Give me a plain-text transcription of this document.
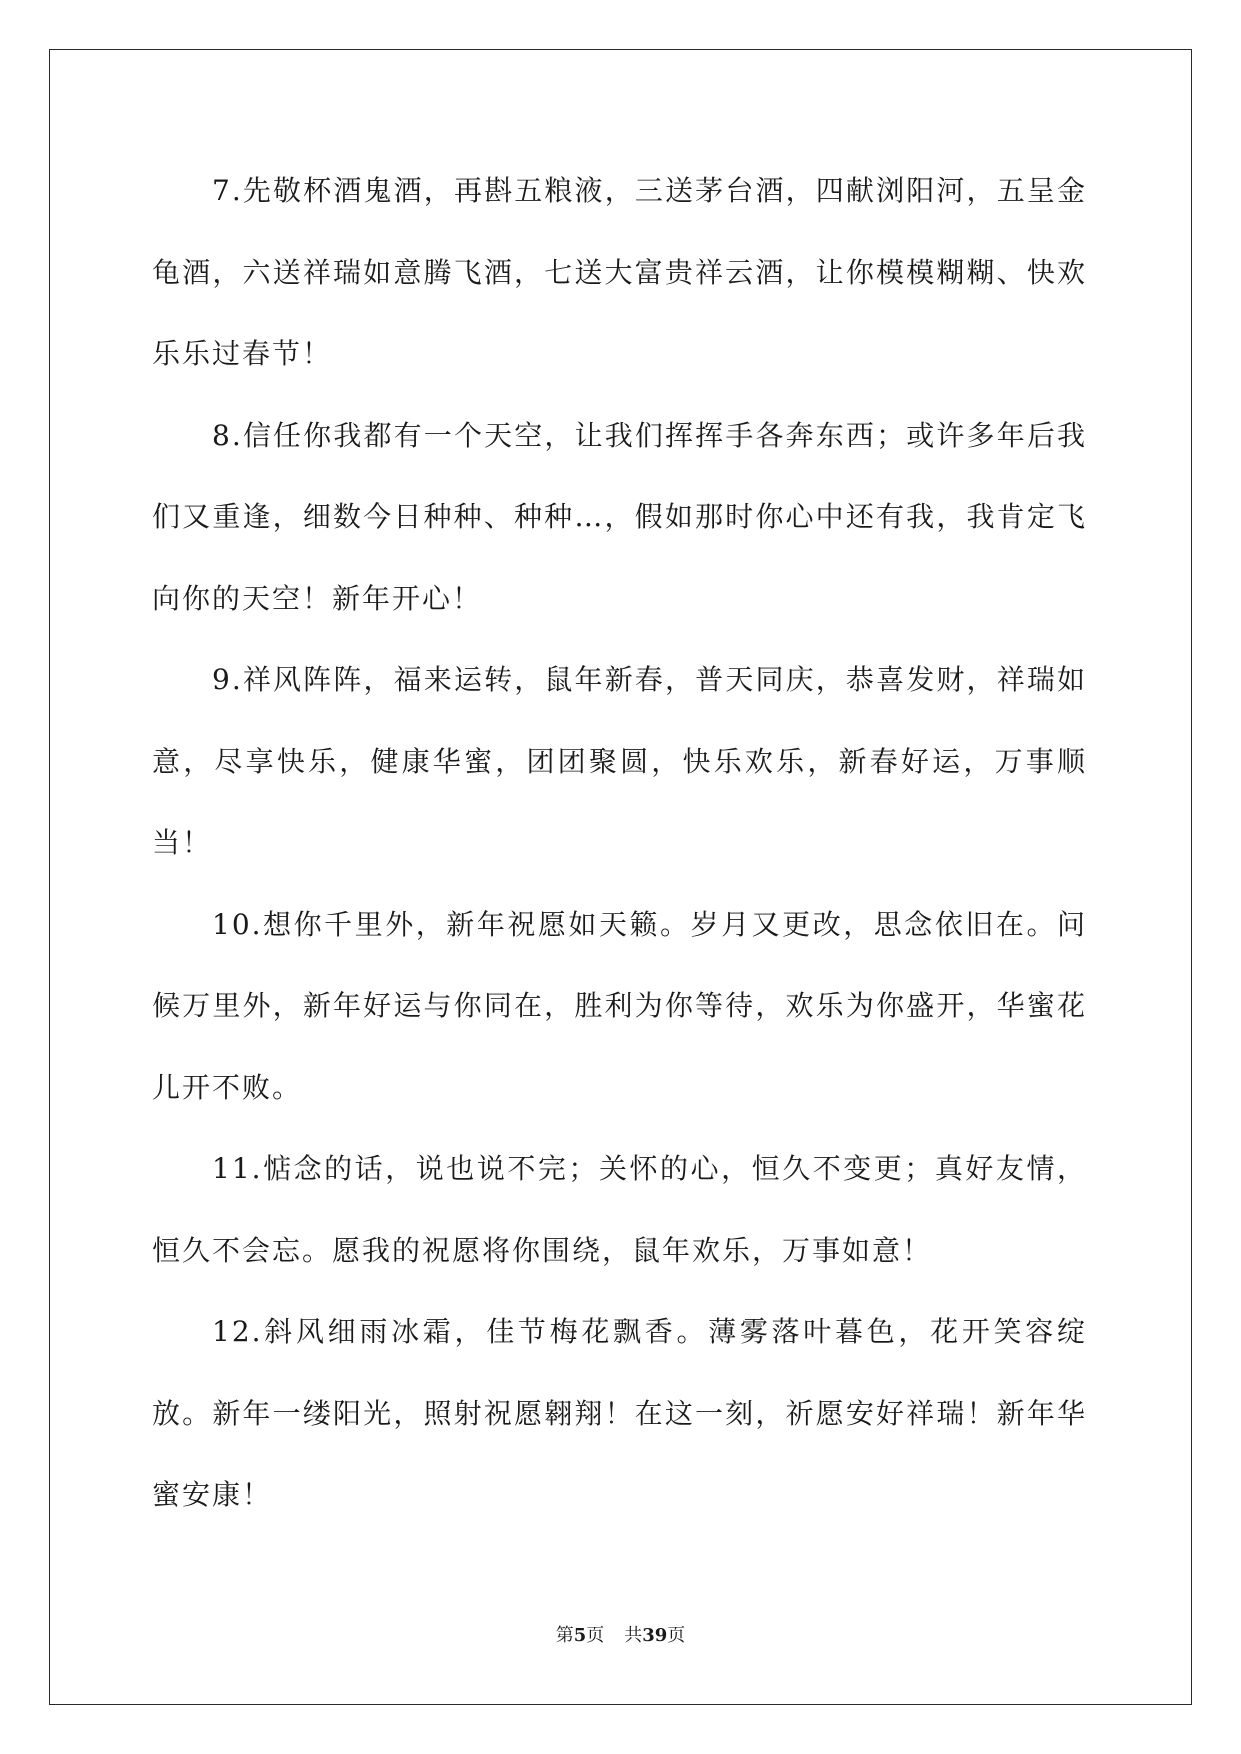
7.先敬杯酒鬼酒，再斟五粮液，三送茅台酒，四献浏阳河，五呈金龟酒，六送祥瑞如意腾飞酒，七送大富贵祥云酒，让你模模糊糊、快欢乐乐过春节！

8.信任你我都有一个天空，让我们挥挥手各奔东西；或许多年后我们又重逢，细数今日种种、种种…，假如那时你心中还有我，我肯定飞向你的天空！新年开心！

9.祥风阵阵，福来运转，鼠年新春，普天同庆，恭喜发财，祥瑞如意，尽享快乐，健康华蜜，团团聚圆，快乐欢乐，新春好运，万事顺当！

10.想你千里外，新年祝愿如天籁。岁月又更改，思念依旧在。问候万里外，新年好运与你同在，胜利为你等待，欢乐为你盛开，华蜜花儿开不败。

11.惦念的话，说也说不完；关怀的心，恒久不变更；真好友情，恒久不会忘。愿我的祝愿将你围绕，鼠年欢乐，万事如意！

12.斜风细雨冰霜，佳节梅花飘香。薄雾落叶暮色，花开笑容绽放。新年一缕阳光，照射祝愿翱翔！在这一刻，祈愿安好祥瑞！新年华蜜安康！

第5页 共39页
